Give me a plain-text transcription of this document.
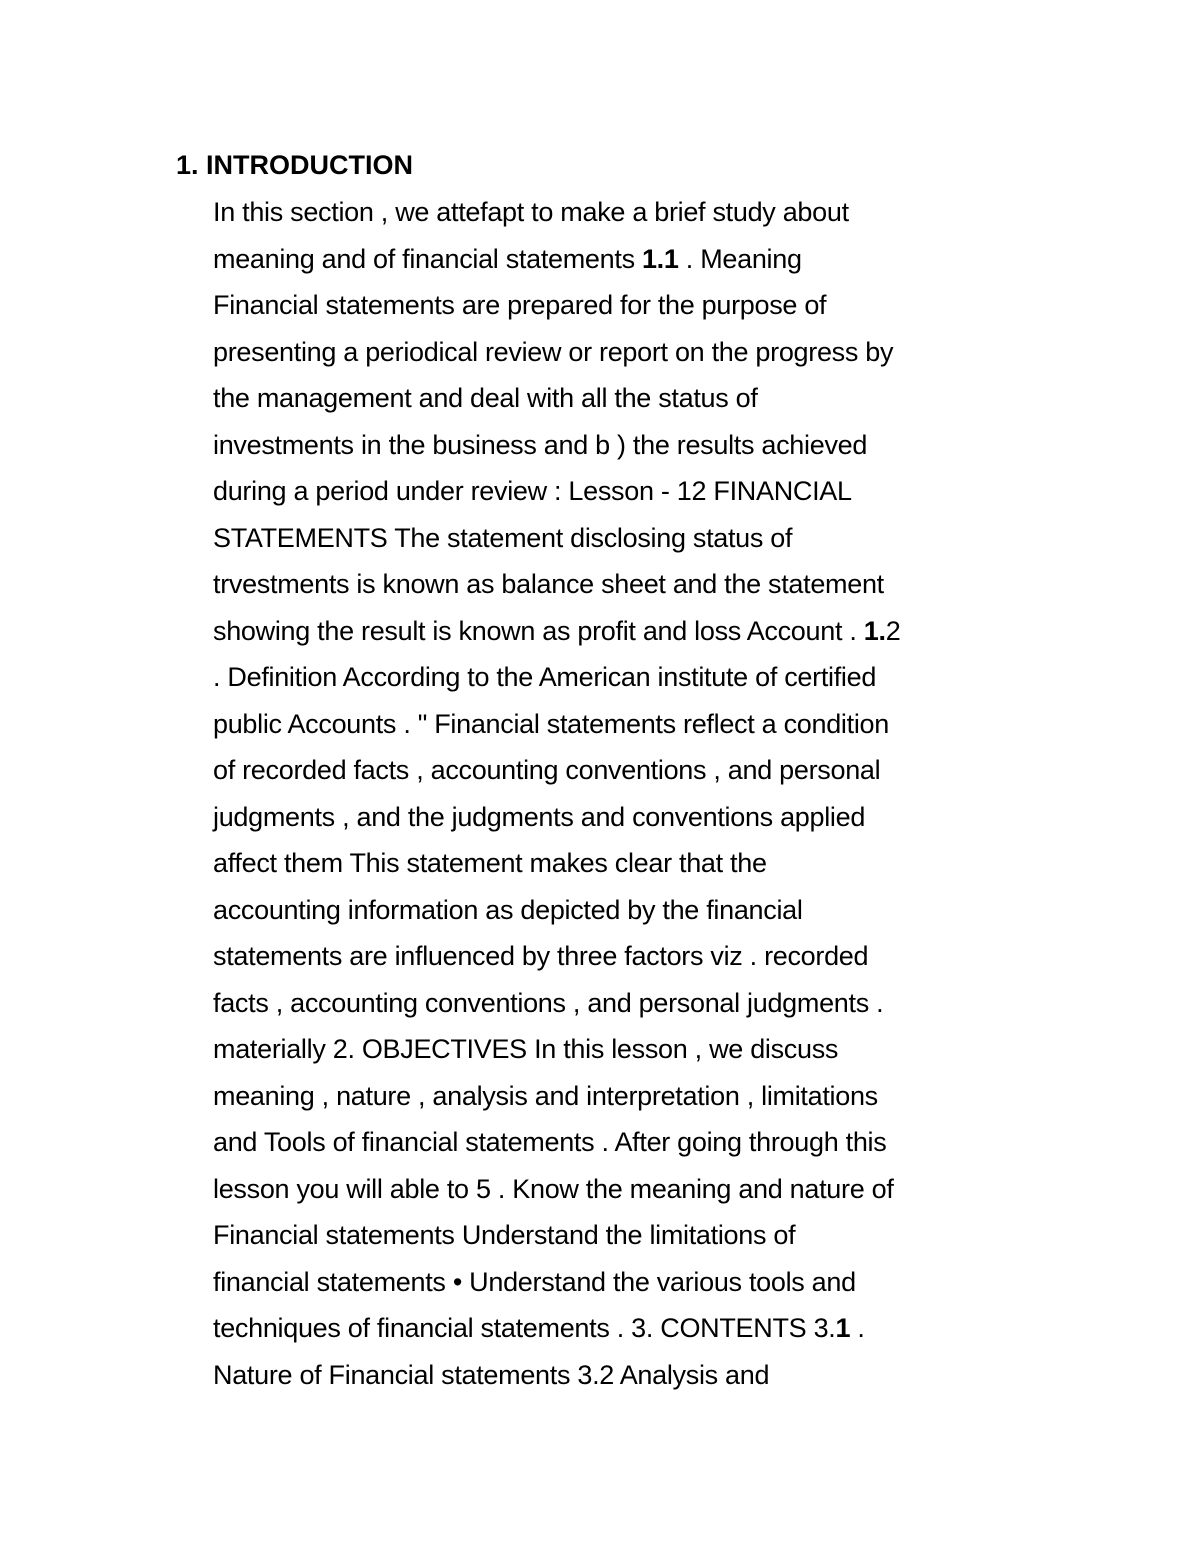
1. INTRODUCTION
In this section , we attefapt to make a brief study about
meaning and of financial statements 1.1 . Meaning
Financial statements are prepared for the purpose of
presenting a periodical review or report on the progress by
the management and deal with all the status of
investments in the business and b ) the results achieved
during a period under review : Lesson - 12 FINANCIAL
STATEMENTS The statement disclosing status of
trvestments is known as balance sheet and the statement
showing the result is known as profit and loss Account . 1.2
. Definition According to the American institute of certified
public Accounts . " Financial statements reflect a condition
of recorded facts , accounting conventions , and personal
judgments , and the judgments and conventions applied
affect them This statement makes clear that the
accounting information as depicted by the financial
statements are influenced by three factors viz . recorded
facts , accounting conventions , and personal judgments .
materially 2. OBJECTIVES In this lesson , we discuss
meaning , nature , analysis and interpretation , limitations
and Tools of financial statements . After going through this
lesson you will able to 5 . Know the meaning and nature of
Financial statements Understand the limitations of
financial statements • Understand the various tools and
techniques of financial statements . 3. CONTENTS 3.1 .
Nature of Financial statements 3.2 Analysis and
